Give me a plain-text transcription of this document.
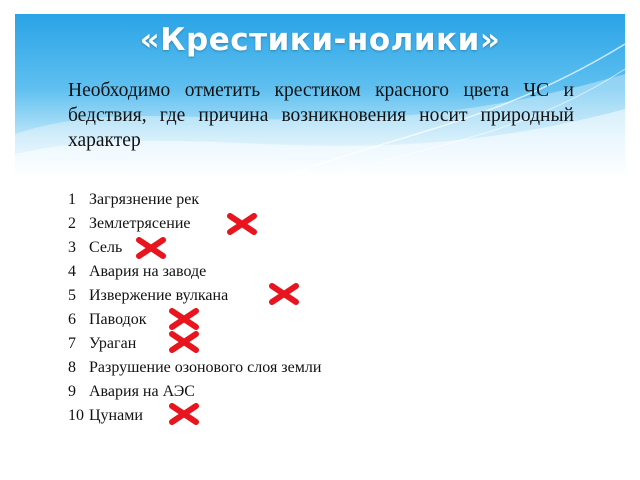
«Крестики-нолики»
Необходимо отметить крестиком красного цвета ЧС и бедствия, где причина возникновения носит природный характер
1 Загрязнение рек
2 Землетрясение
3 Сель
4 Авария на заводе
5 Извержение вулкана
6 Паводок
7 Ураган
8 Разрушение озонового слоя земли
9 Авария на АЭС
10 Цунами
